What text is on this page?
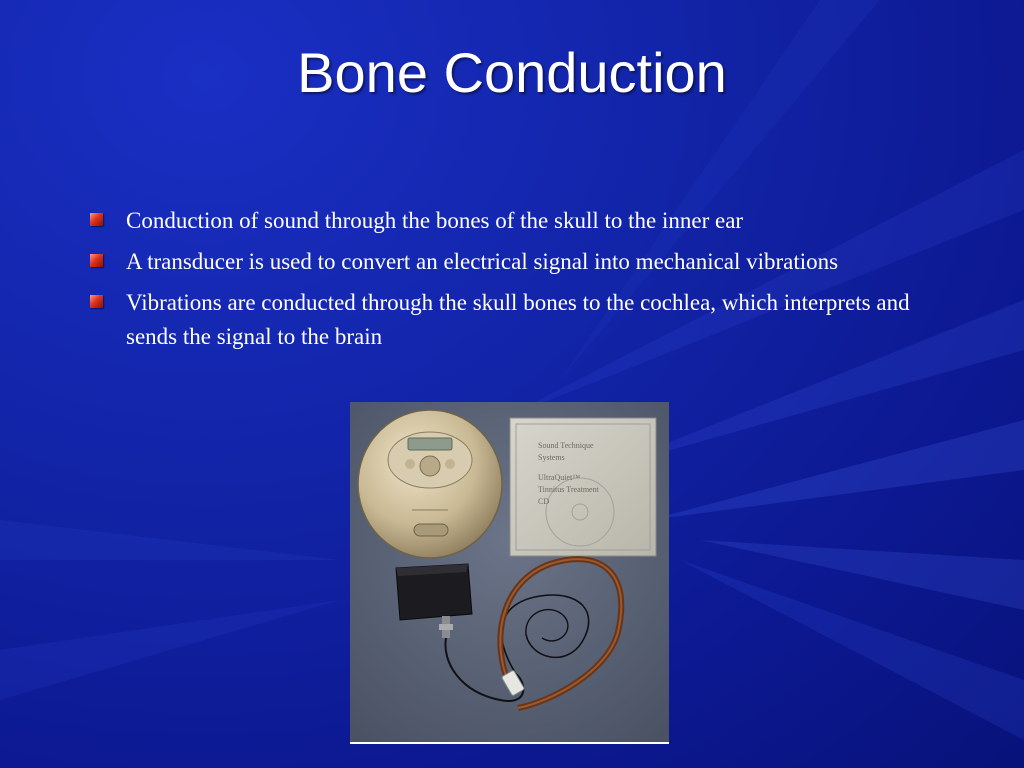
Bone Conduction
Conduction of sound through the bones of the skull to the inner ear
A transducer is used to convert an electrical signal into mechanical vibrations
Vibrations are conducted through the skull bones to the cochlea, which interprets and sends the signal to the brain
Sound Technique
Systems
UltraQuiet™
Tinnitus Treatment
CD
